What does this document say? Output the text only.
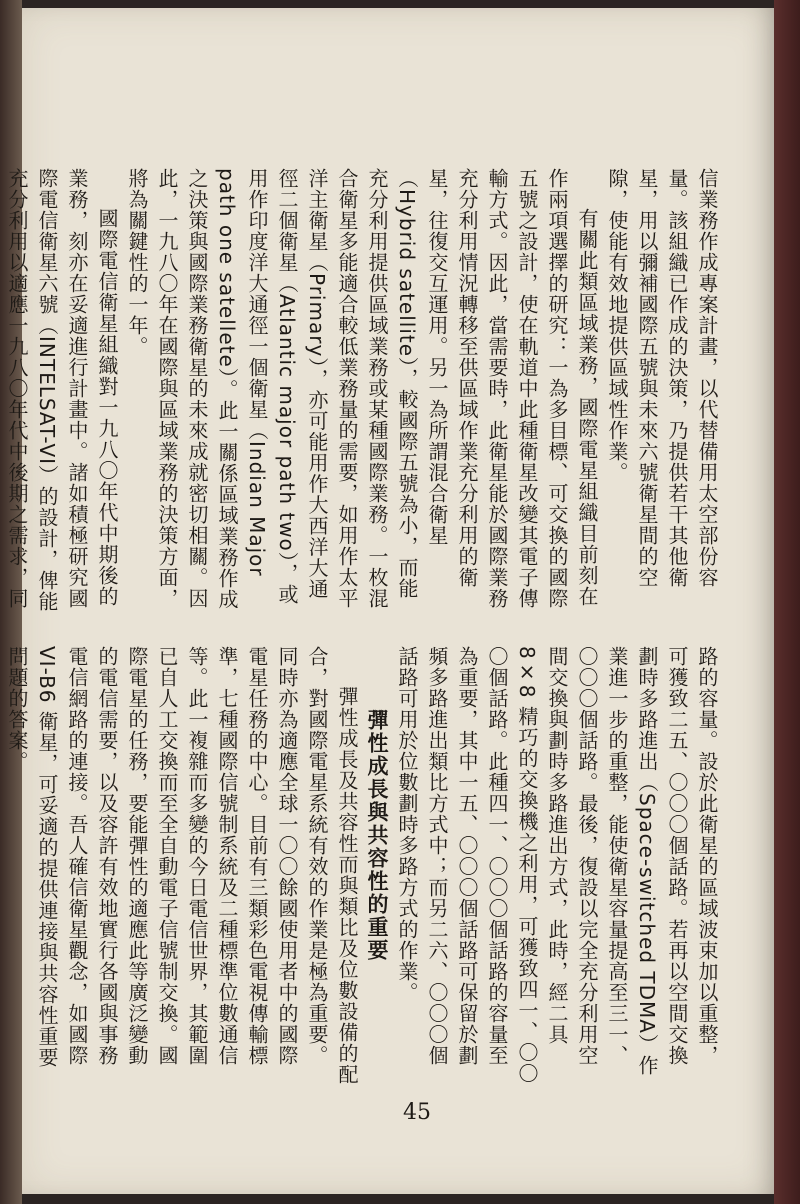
信業務作成專案計畫，以代替備用太空部份容量。該組織已作成的決策，乃提供若干其他衛星，用以彌補國際五號與未來六號衛星間的空隙，使能有效地提供區域性作業。

有關此類區域業務，國際電星組織目前刻在作兩項選擇的研究：一為多目標、可交換的國際五號之設計，使在軌道中此種衛星改變其電子傳輸方式。因此，當需要時，此衛星能於國際業務充分利用情況轉移至供區域作業充分利用的衛星，往復交互運用。另一為所謂混合衛星（Hybrid satellite），較國際五號為小，而能充分利用提供區域業務或某種國際業務。一枚混合衛星多能適合較低業務量的需要，如用作太平洋主衛星（Primary），亦可能用作大西洋大通徑二個衛星（Atlantic major path two），或用作印度洋大通徑一個衛星（Indian Major path one satellete）。此一關係區域業務作成之決策與國際業務衛星的未來成就密切相關。因此，一九八〇年在國際與區域業務的決策方面，將為關鍵性的一年。

國際電信衛星組織對一九八〇年代中期後的業務，刻亦在妥適進行計畫中。諸如積極研究國際電信衛星六號（INTELSAT-VI）的設計，俾能充分利用以適應一九八〇年代中後期之需求，同

路的容量。設於此衛星的區域波束加以重整，可獲致二五、〇〇〇個話路。若再以空間交換劃時多路進出（Space-switched TDMA）作業進一步的重整，能使衛星容量提高至三一、〇〇〇個話路。最後，復設以完全充分利用空間交換與劃時多路進出方式，此時，經二具 8×8 精巧的交換機之利用，可獲致四一、〇〇〇個話路。此種四一、〇〇〇個話路的容量至為重要，其中一五、〇〇〇個話路可保留於劃頻多路進出類比方式中；而另二六、〇〇〇個話路可用於位數劃時多路方式的作業。

彈性成長與共容性的重要

彈性成長及共容性而與類比及位數設備的配合，對國際電星系統有效的作業是極為重要。同時亦為適應全球一〇〇餘國使用者中的國際電星任務的中心。目前有三類彩色電視傳輸標準，七種國際信號制系統及二種標準位數通信等。此一複雜而多變的今日電信世界，其範圍已自人工交換而至全自動電子信號制交換。國際電星的任務，要能彈性的適應此等廣泛變動的電信需要，以及容許有效地實行各國與事務電信網路的連接。吾人確信衛星觀念，如國際 VI-B6 衛星，可妥適的提供連接與共容性重要問題的答案。

45
